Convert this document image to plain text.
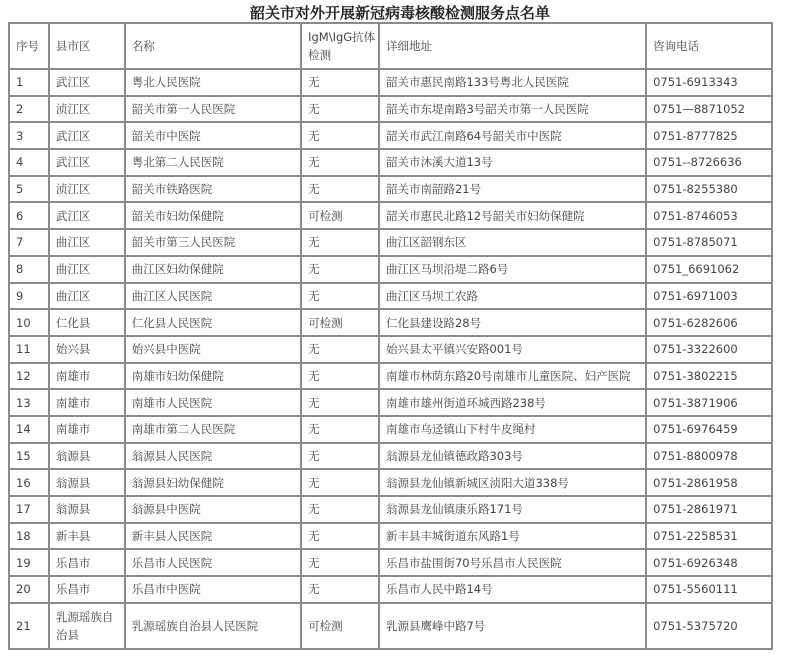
韶关市对外开展新冠病毒核酸检测服务点名单
序号	县市区	名称	IgM\IgG抗体检测	详细地址	咨询电话
1	武江区	粤北人民医院	无	韶关市惠民南路133号粤北人民医院	0751-6913343
2	浈江区	韶关市第一人民医院	无	韶关市东堤南路3号韶关市第一人民医院	0751—8871052
3	武江区	韶关市中医院	无	韶关市武江南路64号韶关市中医院	0751-8777825
4	武江区	粤北第二人民医院	无	韶关市沐溪大道13号	0751--8726636
5	浈江区	韶关市铁路医院	无	韶关市南韶路21号	0751-8255380
6	武江区	韶关市妇幼保健院	可检测	韶关市惠民北路12号韶关市妇幼保健院	0751-8746053
7	曲江区	韶关市第三人民医院	无	曲江区韶钢东区	0751-8785071
8	曲江区	曲江区妇幼保健院	无	曲江区马坝沿堤二路6号	0751_6691062
9	曲江区	曲江区人民医院	无	曲江区马坝工农路	0751-6971003
10	仁化县	仁化县人民医院	可检测	仁化县建设路28号	0751-6282606
11	始兴县	始兴县中医院	无	始兴县太平镇兴安路001号	0751-3322600
12	南雄市	南雄市妇幼保健院	无	南雄市林荫东路20号南雄市儿童医院、妇产医院	0751-3802215
13	南雄市	南雄市人民医院	无	南雄市雄州街道环城西路238号	0751-3871906
14	南雄市	南雄市第二人民医院	无	南雄市乌迳镇山下村牛皮绳村	0751-6976459
15	翁源县	翁源县人民医院	无	翁源县龙仙镇德政路303号	0751-8800978
16	翁源县	翁源县妇幼保健院	无	翁源县龙仙镇新城区浈阳大道338号	0751-2861958
17	翁源县	翁源县中医院	无	翁源县龙仙镇康乐路171号	0751-2861971
18	新丰县	新丰县人民医院	无	新丰县丰城街道东风路1号	0751-2258531
19	乐昌市	乐昌市人民医院	无	乐昌市盐围街70号乐昌市人民医院	0751-6926348
20	乐昌市	乐昌市中医院	无	乐昌市人民中路14号	0751-5560111
21	乳源瑶族自治县	乳源瑶族自治县人民医院	可检测	乳源县鹰峰中路7号	0751-5375720
